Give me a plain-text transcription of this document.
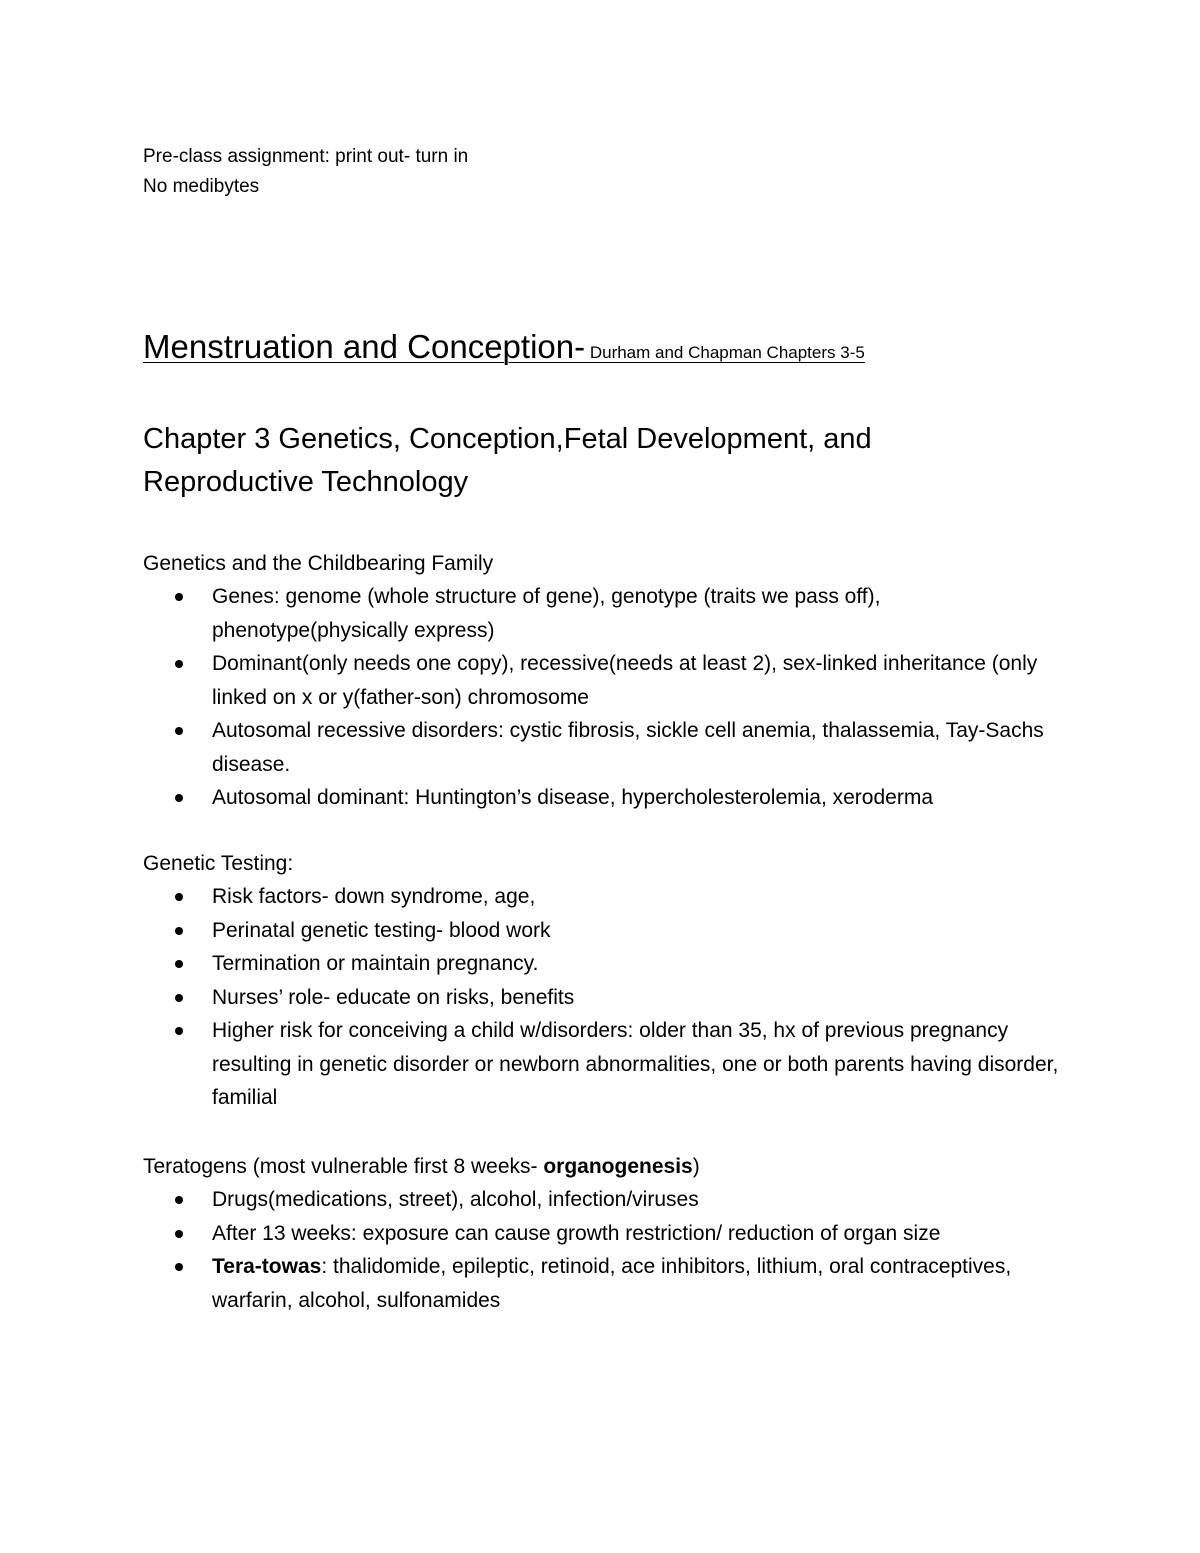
Pre-class assignment: print out- turn in
No medibytes
Menstruation and Conception- Durham and Chapman Chapters 3-5
Chapter 3 Genetics, Conception,Fetal Development, and Reproductive Technology
Genetics and the Childbearing Family
Genes: genome (whole structure of gene), genotype (traits we pass off), phenotype(physically express)
Dominant(only needs one copy), recessive(needs at least 2), sex-linked inheritance (only linked on x or y(father-son) chromosome
Autosomal recessive disorders: cystic fibrosis, sickle cell anemia, thalassemia, Tay-Sachs disease.
Autosomal dominant: Huntington’s disease, hypercholesterolemia, xeroderma
Genetic Testing:
Risk factors- down syndrome, age,
Perinatal genetic testing- blood work
Termination or maintain pregnancy.
Nurses’ role- educate on risks, benefits
Higher risk for conceiving a child w/disorders: older than 35, hx of previous pregnancy resulting in genetic disorder or newborn abnormalities, one or both parents having disorder, familial
Teratogens (most vulnerable first 8 weeks- organogenesis)
Drugs(medications, street), alcohol, infection/viruses
After 13 weeks: exposure can cause growth restriction/ reduction of organ size
Tera-towas: thalidomide, epileptic, retinoid, ace inhibitors, lithium, oral contraceptives, warfarin, alcohol, sulfonamides
